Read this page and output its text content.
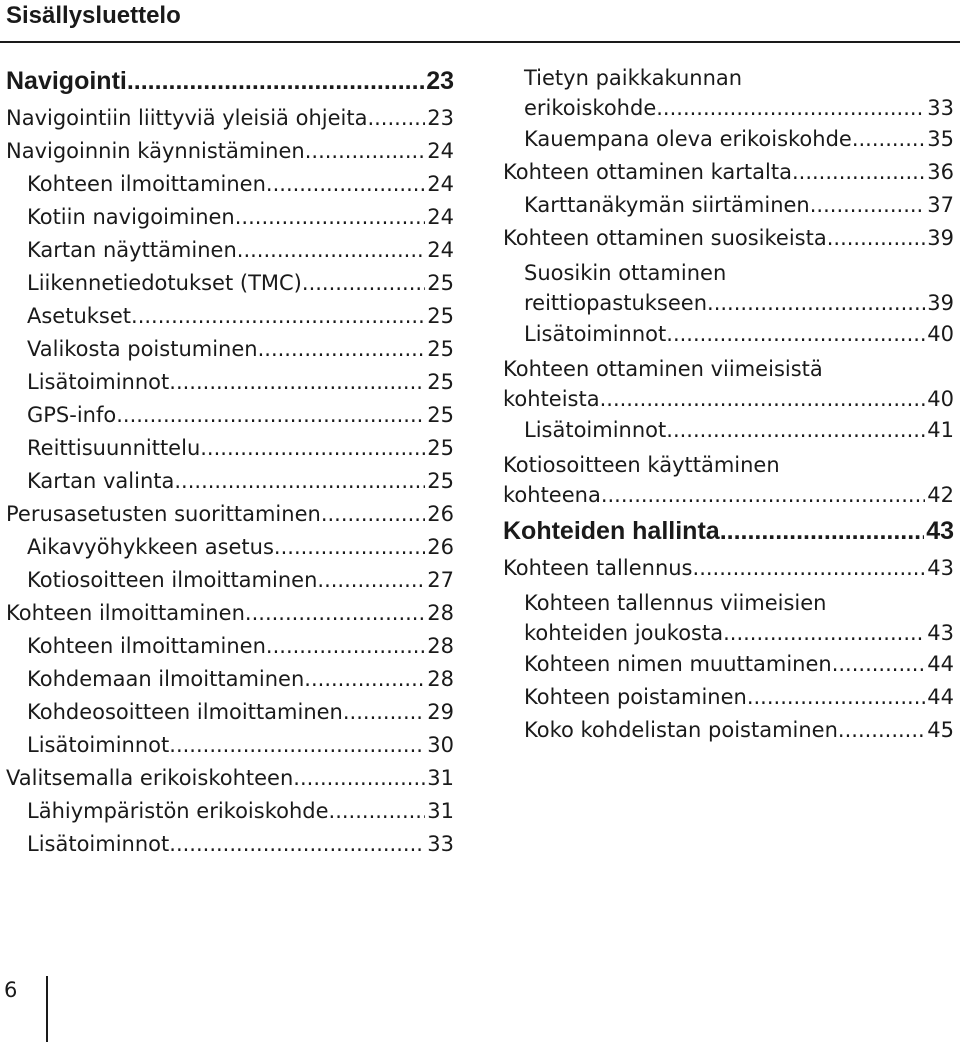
Sisällysluettelo
Navigointi .....	23
Navigointiin liittyviä yleisiä ohjeita .....	23
Navigoinnin käynnistäminen .....	24
Kohteen ilmoittaminen .....	24
Kotiin navigoiminen .....	24
Kartan näyttäminen .....	24
Liikennetiedotukset (TMC) .....	25
Asetukset .....	25
Valikosta poistuminen .....	25
Lisätoiminnot .....	25
GPS-info .....	25
Reittisuunnittelu .....	25
Kartan valinta .....	25
Perusasetusten suorittaminen .....	26
Aikavyöhykkeen asetus .....	26
Kotiosoitteen ilmoittaminen .....	27
Kohteen ilmoittaminen .....	28
Kohteen ilmoittaminen .....	28
Kohdemaan ilmoittaminen .....	28
Kohdeosoitteen ilmoittaminen .....	29
Lisätoiminnot .....	30
Valitsemalla erikoiskohteen .....	31
Lähiympäristön erikoiskohde .....	31
Lisätoiminnot .....	33
Tietyn paikkakunnan
erikoiskohde .....	33
Kauempana oleva erikoiskohde .....	35
Kohteen ottaminen kartalta .....	36
Karttanäkymän siirtäminen .....	37
Kohteen ottaminen suosikeista .....	39
Suosikin ottaminen
reittiopastukseen .....	39
Lisätoiminnot .....	40
Kohteen ottaminen viimeisistä
kohteista .....	40
Lisätoiminnot .....	41
Kotiosoitteen käyttäminen
kohteena .....	42
Kohteiden hallinta .....	43
Kohteen tallennus .....	43
Kohteen tallennus viimeisien
kohteiden joukosta .....	43
Kohteen nimen muuttaminen .....	44
Kohteen poistaminen .....	44
Koko kohdelistan poistaminen .....	45
6
